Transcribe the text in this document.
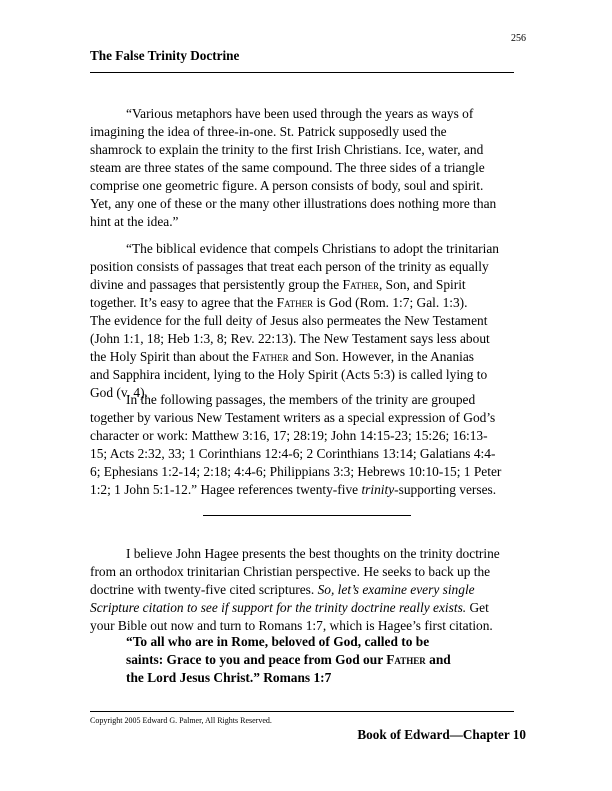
256
The False Trinity Doctrine

“Various metaphors have been used through the years as ways of
imagining the idea of three-in-one. St. Patrick supposedly used the
shamrock to explain the trinity to the first Irish Christians. Ice, water, and
steam are three states of the same compound. The three sides of a triangle
comprise one geometric figure. A person consists of body, soul and spirit.
Yet, any one of these or the many other illustrations does nothing more than
hint at the idea.”

“The biblical evidence that compels Christians to adopt the trinitarian
position consists of passages that treat each person of the trinity as equally
divine and passages that persistently group the Father, Son, and Spirit
together. It’s easy to agree that the Father is God (Rom. 1:7; Gal. 1:3).
The evidence for the full deity of Jesus also permeates the New Testament
(John 1:1, 18; Heb 1:3, 8; Rev. 22:13). The New Testament says less about
the Holy Spirit than about the Father and Son. However, in the Ananias
and Sapphira incident, lying to the Holy Spirit (Acts 5:3) is called lying to
God (v. 4).

In the following passages, the members of the trinity are grouped
together by various New Testament writers as a special expression of God’s
character or work: Matthew 3:16, 17; 28:19; John 14:15-23; 15:26; 16:13-
15; Acts 2:32, 33; 1 Corinthians 12:4-6; 2 Corinthians 13:14; Galatians 4:4-
6; Ephesians 1:2-14; 2:18; 4:4-6; Philippians 3:3; Hebrews 10:10-15; 1 Peter
1:2; 1 John 5:1-12.” Hagee references twenty-five trinity-supporting verses.

I believe John Hagee presents the best thoughts on the trinity doctrine
from an orthodox trinitarian Christian perspective. He seeks to back up the
doctrine with twenty-five cited scriptures. So, let’s examine every single
Scripture citation to see if support for the trinity doctrine really exists. Get
your Bible out now and turn to Romans 1:7, which is Hagee’s first citation.

“To all who are in Rome, beloved of God, called to be
saints: Grace to you and peace from God our Father and
the Lord Jesus Christ.” Romans 1:7

Copyright 2005 Edward G. Palmer, All Rights Reserved.
Book of Edward—Chapter 10
